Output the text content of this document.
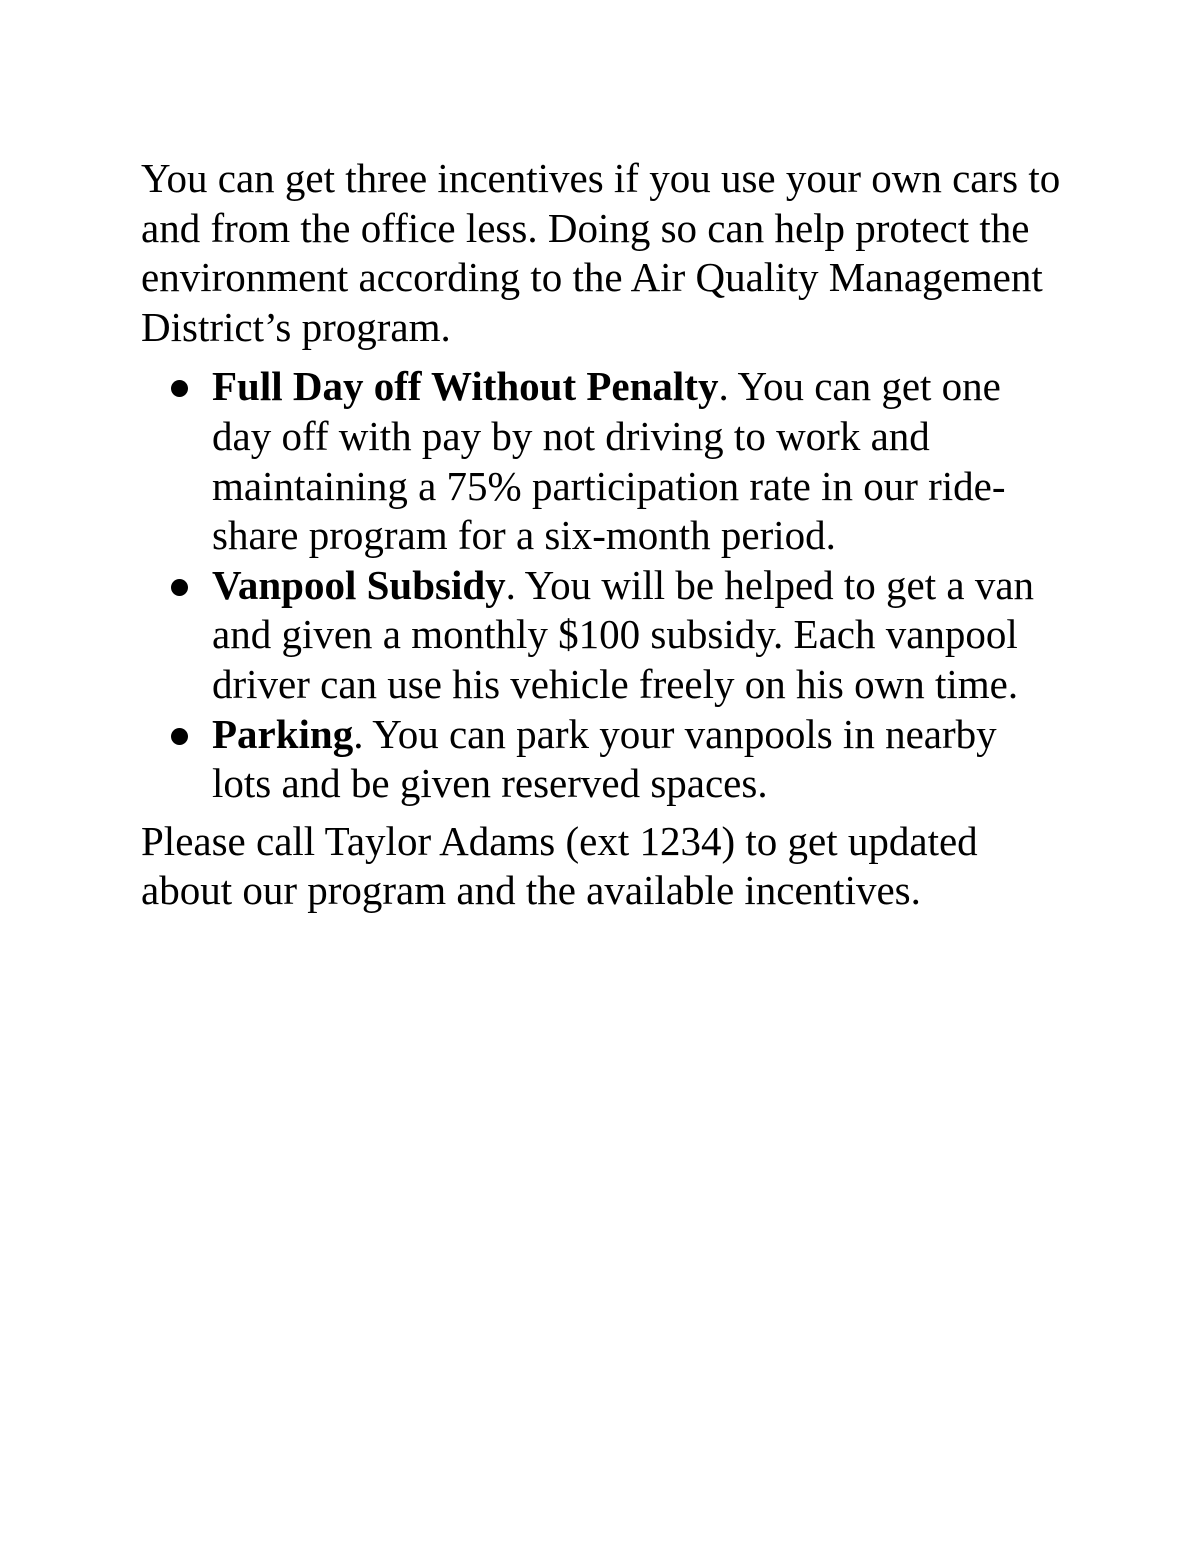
You can get three incentives if you use your own cars to and from the office less. Doing so can help protect the environment according to the Air Quality Management District’s program.

Full Day off Without Penalty. You can get one day off with pay by not driving to work and maintaining a 75% participation rate in our ride-share program for a six-month period.
Vanpool Subsidy. You will be helped to get a van and given a monthly $100 subsidy. Each vanpool driver can use his vehicle freely on his own time.
Parking. You can park your vanpools in nearby lots and be given reserved spaces.

Please call Taylor Adams (ext 1234) to get updated about our program and the available incentives.
